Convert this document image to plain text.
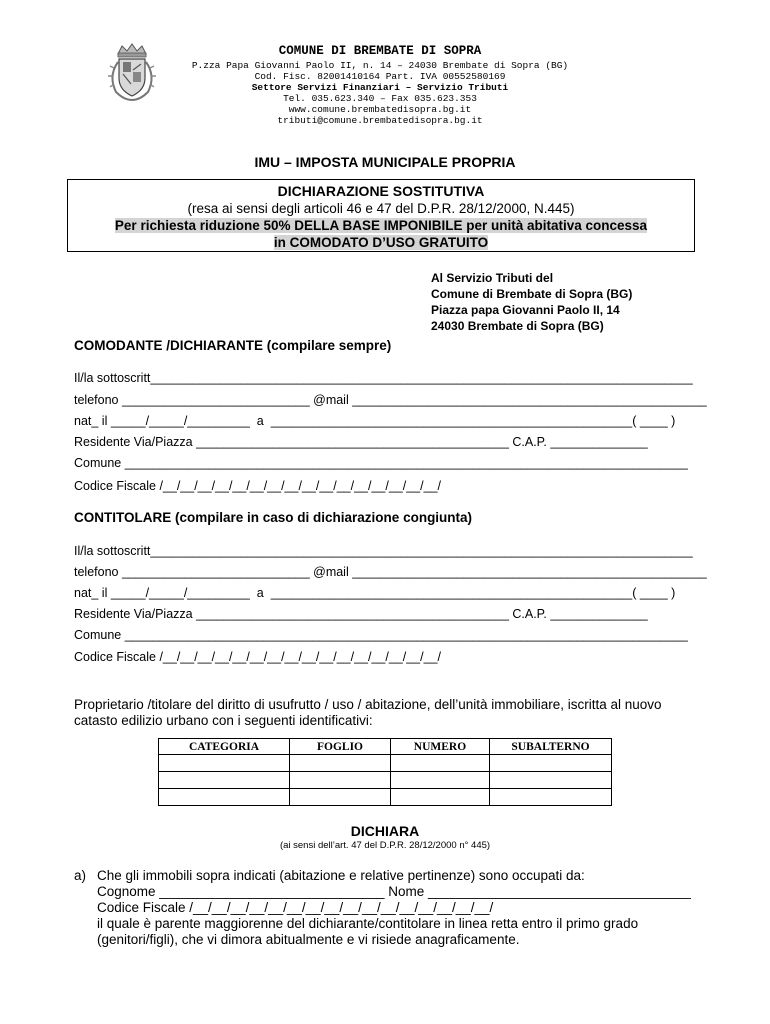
COMUNE DI BREMBATE DI SOPRA
P.zza Papa Giovanni Paolo II, n. 14 – 24030 Brembate di Sopra (BG)
Cod. Fisc. 82001410164 Part. IVA 00552580169
Settore Servizi Finanziari – Servizio Tributi
Tel. 035.623.340 – Fax 035.623.353
www.comune.brembatedisopra.bg.it
tributi@comune.brembatedisopra.bg.it
IMU – IMPOSTA MUNICIPALE PROPRIA
DICHIARAZIONE SOSTITUTIVA
(resa ai sensi degli articoli 46 e 47 del D.P.R. 28/12/2000, N.445)
Per richiesta riduzione 50% DELLA BASE IMPONIBILE per unità abitativa concessa
in COMODATO D’USO GRATUITO
Al Servizio Tributi del
Comune di Brembate di Sopra (BG)
Piazza papa Giovanni Paolo II, 14
24030 Brembate di Sopra (BG)
COMODANTE /DICHIARANTE (compilare sempre)
Il/la sottoscritt______________________________________________________________________________
telefono ___________________________ @mail ___________________________________________________
nat_ il _____/_____/_________  a  ____________________________________________________( ____ )
Residente Via/Piazza _____________________________________________ C.A.P. ______________
Comune _________________________________________________________________________________
Codice Fiscale /__/__/__/__/__/__/__/__/__/__/__/__/__/__/__/__/
CONTITOLARE (compilare in caso di dichiarazione congiunta)
Il/la sottoscritt______________________________________________________________________________
telefono ___________________________ @mail ___________________________________________________
nat_ il _____/_____/_________  a  ____________________________________________________( ____ )
Residente Via/Piazza _____________________________________________ C.A.P. ______________
Comune _________________________________________________________________________________
Codice Fiscale /__/__/__/__/__/__/__/__/__/__/__/__/__/__/__/__/
Proprietario /titolare del diritto di usufrutto / uso / abitazione, dell’unità immobiliare, iscritta al nuovo
catasto edilizio urbano con i seguenti identificativi:
CATEGORIA	FOGLIO	NUMERO	SUBALTERNO

DICHIARA
(ai sensi dell’art. 47 del D.P.R. 28/12/2000 n° 445)
a) Che gli immobili sopra indicati (abitazione e relative pertinenze) sono occupati da:
Cognome ______________________________ Nome ___________________________________
Codice Fiscale /__/__/__/__/__/__/__/__/__/__/__/__/__/__/__/__/
il quale è parente maggiorenne del dichiarante/contitolare in linea retta entro il primo grado
(genitori/figli), che vi dimora abitualmente e vi risiede anagraficamente.
